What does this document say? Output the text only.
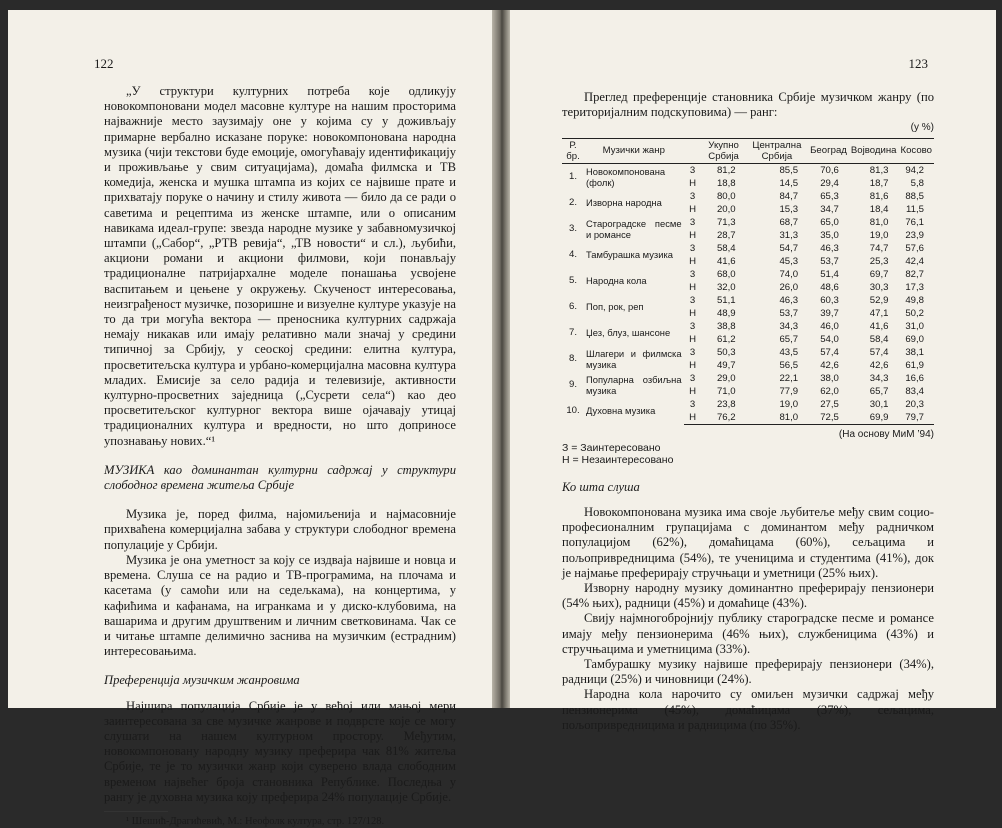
122

„У структури културних потреба које одликују новокомпоновани модел масовне културе на нашим просторима најважније место заузимају оне у којима су у доживљају примарне вербално исказане поруке: новокомпонована народна музика (чији текстови буде емоције, омогућавају идентификацију и проживљање у свим ситуацијама), домаћа филмска и ТВ комедија, женска и мушка штампа из којих се највише прате и прихватају поруке о начину и стилу живота — било да се ради о саветима и рецептима из женске штампе, или о описаним навикама идеал-групе: звезда народне музике у забавномузичкој штампи („Сабор“, „РТВ ревија“, „ТВ новости“ и сл.), љубићи, акциони романи и акциони филмови, који понављају традиционалне патријархалне моделе понашања усвојене васпитањем и цењене у окружењу. Скученост интересовања, неизграђеност музичке, позоришне и визуелне културе указује на то да три могућа вектора — преносника културних садржаја немају никакав или имају релативно мали значај у средини типичној за Србију, у сеоској средини: елитна култура, просветитељска култура и урбано-комерцијална масовна култура младих. Емисије за село радија и телевизије, активности културно-просветних заједница („Сусрети села“) као део просветитељског културног вектора више ојачавају утицај традиционалних култура и вредности, но што доприносе упознавању нових.“¹

МУЗИКА као доминантан културни садржај у структури слободног времена житеља Србије

Музика је, поред филма, најомиљенија и најмасовније прихваћена комерцијална забава у структури слободног времена популације у Србији.

Музика је она уметност за коју се издваја највише и новца и времена. Слуша се на радио и ТВ-програмима, на плочама и касетама (у самоћи или на седељкама), на концертима, у кафићима и кафанама, на игранкама и у диско-клубовима, на вашарима и другим друштвеним и личним светковинама. Чак се и читање штампе делимично заснива на музичким (естрадним) интересовањима.

Преференција музичким жанровима

Најшира популација Србије је у већој или мањој мери заинтересована за све музичке жанрове и подврсте које се могу слушати на нашем културном простору. Међутим, новокомпоновану народну музику преферира чак 81% житеља Србије, те је то музички жанр који суверено влада слободним временом највећег броја становника Републике. Последња у рангу је духовна музика коју преферира 24% популације Србије.

¹ Шешић-Драгићевић, М.: Неофолк култура, стр. 127/128.

123

Преглед преференције становника Србије музичком жанру (по територијалним подскуповима) — ранг:

(у %)
Р. бр.	Музички жанр		Укупно Србија	Централна Србија	Београд	Војводина	Косово
1.	Новокомпонована (фолк)	3	81,2	85,5	70,6	81,3	94,2
		Н	18,8	14,5	29,4	18,7	5,8
2.	Изворна народна	3	80,0	84,7	65,3	81,6	88,5
		Н	20,0	15,3	34,7	18,4	11,5
3.	Староградске песме и романсе	3	71,3	68,7	65,0	81,0	76,1
		Н	28,7	31,3	35,0	19,0	23,9
4.	Тамбурашка музика	3	58,4	54,7	46,3	74,7	57,6
		Н	41,6	45,3	53,7	25,3	42,4
5.	Народна кола	3	68,0	74,0	51,4	69,7	82,7
		Н	32,0	26,0	48,6	30,3	17,3
6.	Поп, рок, реп	3	51,1	46,3	60,3	52,9	49,8
		Н	48,9	53,7	39,7	47,1	50,2
7.	Џез, блуз, шансоне	3	38,8	34,3	46,0	41,6	31,0
		Н	61,2	65,7	54,0	58,4	69,0
8.	Шлагери и филмска музика	3	50,3	43,5	57,4	57,4	38,1
		Н	49,7	56,5	42,6	42,6	61,9
9.	Популарна озбиљна музика	3	29,0	22,1	38,0	34,3	16,6
		Н	71,0	77,9	62,0	65,7	83,4
10.	Духовна музика	3	23,8	19,0	27,5	30,1	20,3
		Н	76,2	81,0	72,5	69,9	79,7
(На основу МиМ ’94)
З = Заинтересовано
Н = Незаинтересовано

Ко шта слуша

Новокомпонована музика има своје љубитеље међу свим социо-професионалним групацијама с доминантом међу радничком популацијом (62%), домаћицама (60%), сељацима и пољопривредницима (54%), те ученицима и студентима (41%), док је најмање преферирају стручњаци и уметници (25% њих).

Изворну народну музику доминантно преферирају пензионери (54% њих), радници (45%) и домаћице (43%).

Свију најмногобројнију публику староградске песме и романсе имају међу пензионерима (46% њих), службеницима (43%) и стручњацима и уметницима (33%).

Тамбурашку музику највише преферирају пензионери (34%), радници (25%) и чиновници (24%).

Народна кола нарочито су омиљен музички садржај међу пензионерима (45%), домаћицама (37%), сељацима, пољопривредницима и радницима (по 35%).
